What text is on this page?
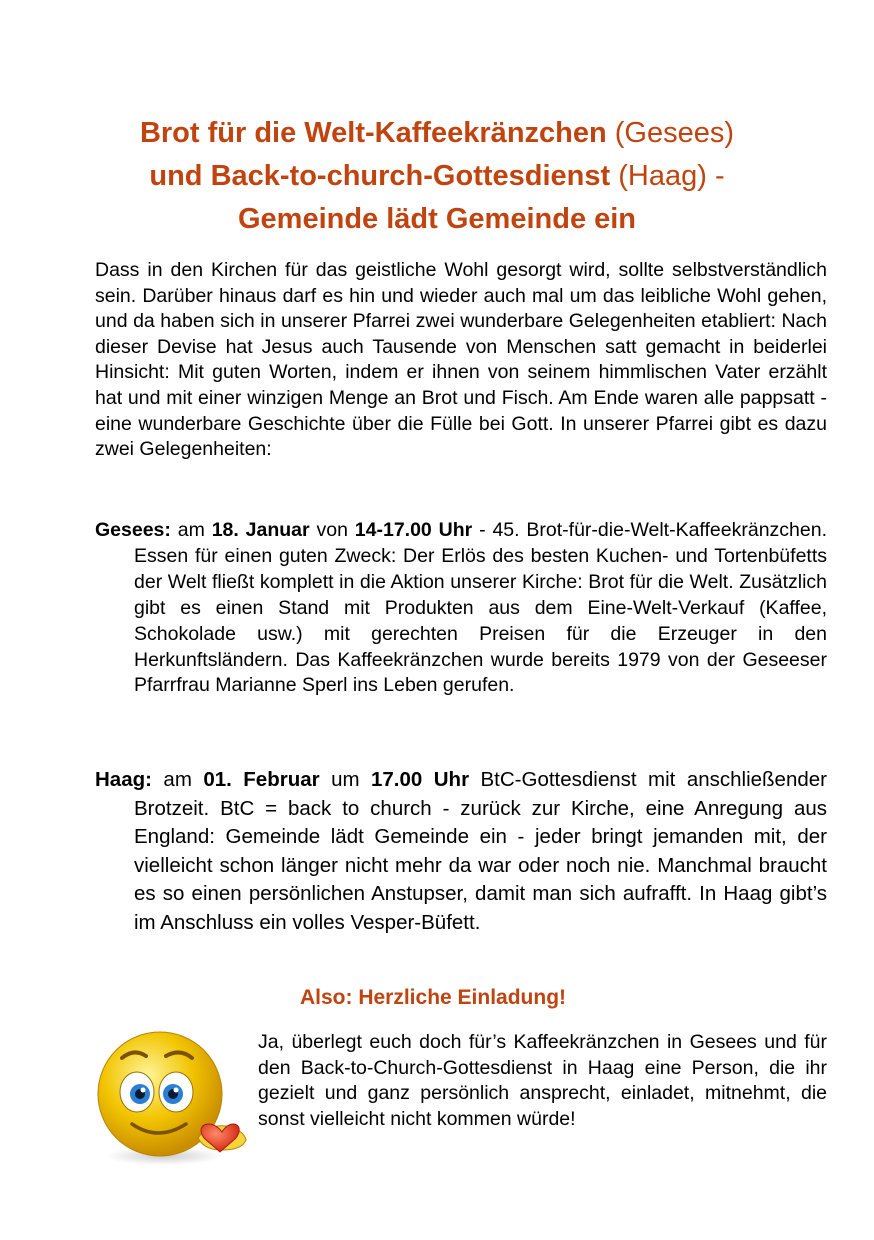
Brot für die Welt-Kaffeekränzchen (Gesees)
und Back-to-church-Gottesdienst (Haag) -
Gemeinde lädt Gemeinde ein

Dass in den Kirchen für das geistliche Wohl gesorgt wird, sollte selbstverständlich sein. Darüber hinaus darf es hin und wieder auch mal um das leibliche Wohl gehen, und da haben sich in unserer Pfarrei zwei wunderbare Gelegenheiten etabliert: Nach dieser Devise hat Jesus auch Tausende von Menschen satt gemacht in beiderlei Hinsicht: Mit guten Worten, indem er ihnen von seinem himmlischen Vater erzählt hat und mit einer winzigen Menge an Brot und Fisch. Am Ende waren alle pappsatt - eine wunderbare Geschichte über die Fülle bei Gott. In unserer Pfarrei gibt es dazu zwei Gelegenheiten:

Gesees: am 18. Januar von 14-17.00 Uhr - 45. Brot-für-die-Welt-Kaffeekränzchen. Essen für einen guten Zweck: Der Erlös des besten Kuchen- und Tortenbüfetts der Welt fließt komplett in die Aktion unserer Kirche: Brot für die Welt. Zusätzlich gibt es einen Stand mit Produkten aus dem Eine-Welt-Verkauf (Kaffee, Schokolade usw.) mit gerechten Preisen für die Erzeuger in den Herkunftsländern. Das Kaffeekränzchen wurde bereits 1979 von der Geseeser Pfarrfrau Marianne Sperl ins Leben gerufen.

Haag: am 01. Februar um 17.00 Uhr BtC-Gottesdienst mit anschließender Brotzeit. BtC = back to church - zurück zur Kirche, eine Anregung aus England: Gemeinde lädt Gemeinde ein - jeder bringt jemanden mit, der vielleicht schon länger nicht mehr da war oder noch nie. Manchmal braucht es so einen persönlichen Anstupser, damit man sich aufrafft. In Haag gibt’s im Anschluss ein volles Vesper-Büfett.

Also: Herzliche Einladung!

Ja, überlegt euch doch für’s Kaffeekränzchen in Gesees und für den Back-to-Church-Gottesdienst in Haag eine Person, die ihr gezielt und ganz persönlich ansprecht, einladet, mitnehmt, die sonst vielleicht nicht kommen würde!
